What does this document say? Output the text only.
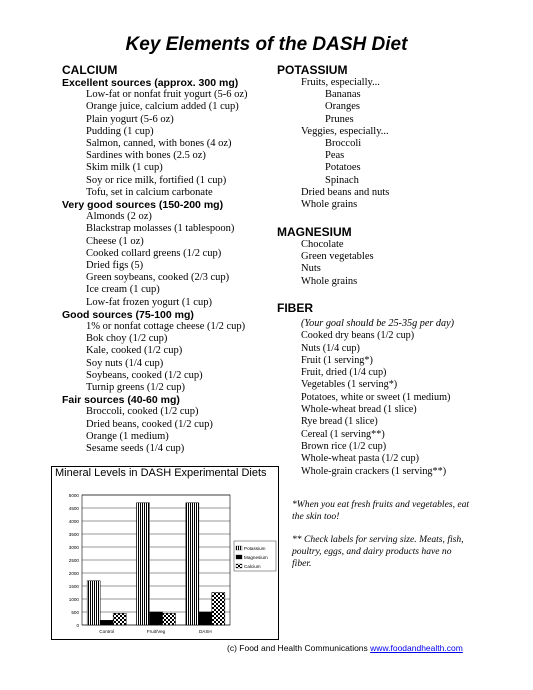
Key Elements of the DASH Diet
CALCIUM
Excellent sources (approx. 300 mg)
Low-fat or nonfat fruit yogurt (5-6 oz)
Orange juice, calcium added (1 cup)
Plain yogurt (5-6 oz)
Pudding (1 cup)
Salmon, canned, with bones (4 oz)
Sardines with bones (2.5 oz)
Skim milk (1 cup)
Soy or rice milk, fortified (1 cup)
Tofu, set in calcium carbonate
Very good sources (150-200 mg)
Almonds (2 oz)
Blackstrap molasses (1 tablespoon)
Cheese (1 oz)
Cooked collard greens (1/2 cup)
Dried figs (5)
Green soybeans, cooked (2/3 cup)
Ice cream (1 cup)
Low-fat frozen yogurt (1 cup)
Good sources (75-100 mg)
1% or nonfat cottage cheese (1/2 cup)
Bok choy (1/2 cup)
Kale, cooked (1/2 cup)
Soy nuts (1/4 cup)
Soybeans, cooked (1/2 cup)
Turnip greens (1/2 cup)
Fair sources (40-60 mg)
Broccoli, cooked (1/2 cup)
Dried beans, cooked (1/2 cup)
Orange (1 medium)
Sesame seeds (1/4 cup)
POTASSIUM
Fruits, especially...
Bananas
Oranges
Prunes
Veggies, especially...
Broccoli
Peas
Potatoes
Spinach
Dried beans and nuts
Whole grains
MAGNESIUM
Chocolate
Green vegetables
Nuts
Whole grains
FIBER
(Your goal should be 25-35g per day)
Cooked dry beans (1/2 cup)
Nuts (1/4 cup)
Fruit (1 serving*)
Fruit, dried (1/4 cup)
Vegetables (1 serving*)
Potatoes, white or sweet (1 medium)
Whole-wheat bread (1 slice)
Rye bread (1 slice)
Cereal (1 serving**)
Brown rice (1/2 cup)
Whole-wheat pasta (1/2 cup)
Whole-grain crackers (1 serving**)

*When you eat fresh fruits and vegetables, eat the skin too!

** Check labels for serving size. Meats, fish, poultry, eggs, and dairy products have no fiber.

Mineral Levels in DASH Experimental Diets
0
500
1000
1500
2000
2500
3000
3500
4000
4500
5000
Control	Fruit/Veg	DASH
Potassium
Magnesium
Calcium
(c) Food and Health Communications www.foodandhealth.com
